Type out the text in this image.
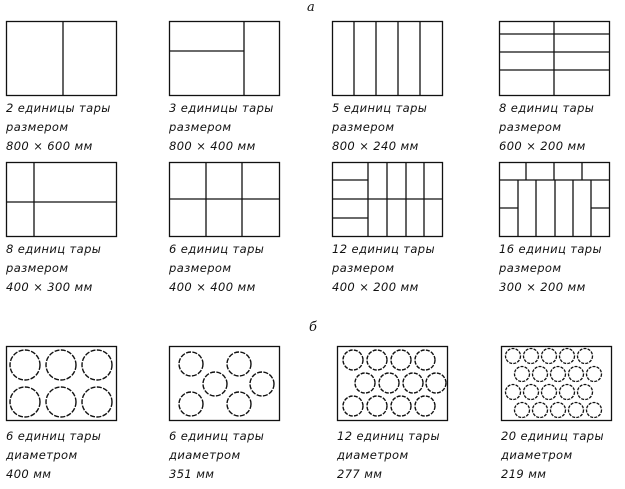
а
б
2 единицы тары
размером
800 × 600 мм
3 единицы тары
размером
800 × 400 мм
5 единиц тары
размером
800 × 240 мм
8 единиц тары
размером
600 × 200 мм
8 единиц тары
размером
400 × 300 мм
6 единиц тары
размером
400 × 400 мм
12 единиц тары
размером
400 × 200 мм
16 единиц тары
размером
300 × 200 мм
6 единиц тары
диаметром
400 мм
6 единиц тары
диаметром
351 мм
12 единиц тары
диаметром
277 мм
20 единиц тары
диаметром
219 мм
